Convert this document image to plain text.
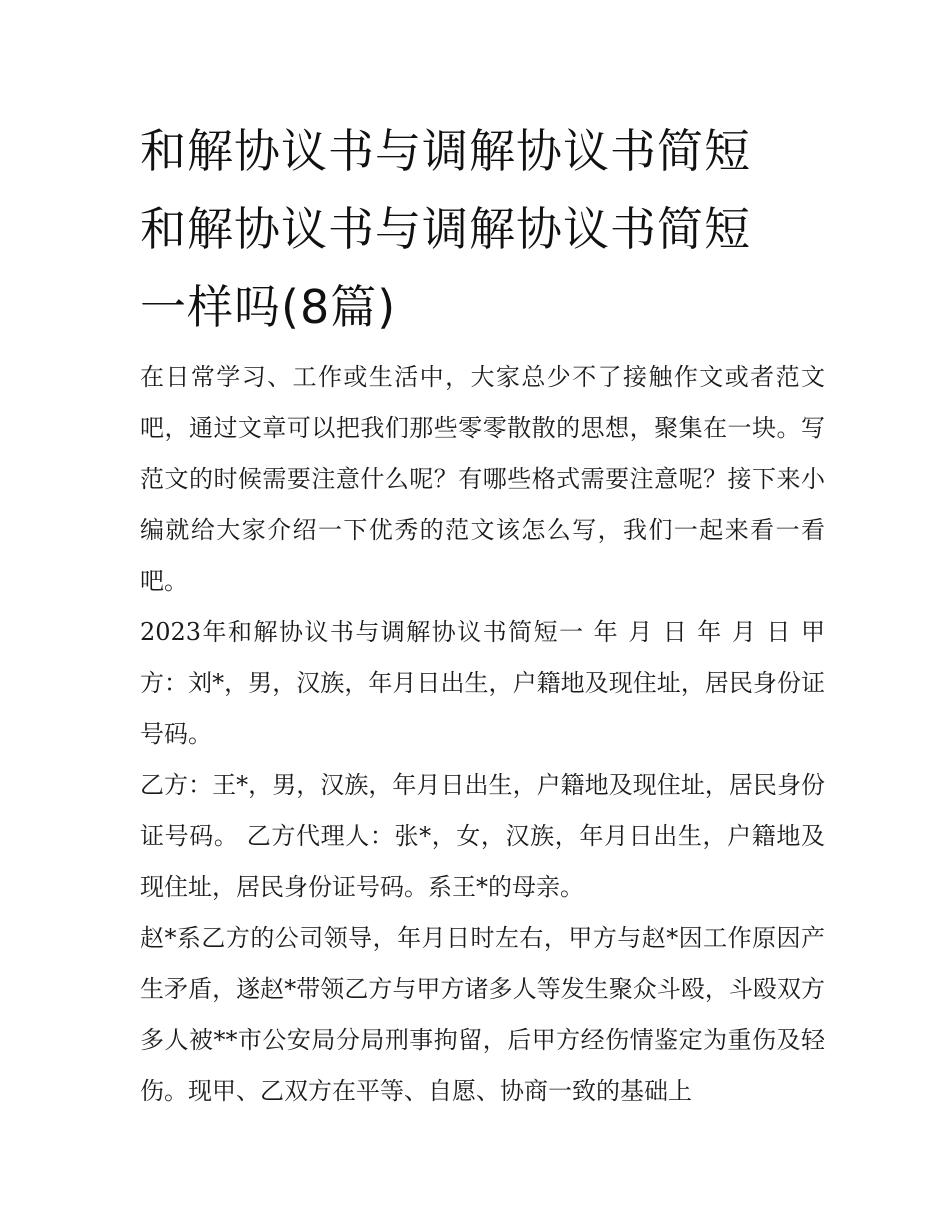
和解协议书与调解协议书简短
和解协议书与调解协议书简短
一样吗(8篇)

在日常学习、工作或生活中，大家总少不了接触作文或者范文吧，通过文章可以把我们那些零零散散的思想，聚集在一块。写范文的时候需要注意什么呢？有哪些格式需要注意呢？接下来小编就给大家介绍一下优秀的范文该怎么写，我们一起来看一看吧。

2023年和解协议书与调解协议书简短一 年 月 日 年 月 日 甲方：刘*，男，汉族，年月日出生，户籍地及现住址，居民身份证号码。

乙方：王*，男，汉族，年月日出生，户籍地及现住址，居民身份证号码。 乙方代理人：张*，女，汉族，年月日出生，户籍地及现住址，居民身份证号码。系王*的母亲。

赵*系乙方的公司领导，年月日时左右，甲方与赵*因工作原因产生矛盾，遂赵*带领乙方与甲方诸多人等发生聚众斗殴，斗殴双方多人被**市公安局分局刑事拘留，后甲方经伤情鉴定为重伤及轻伤。现甲、乙双方在平等、自愿、协商一致的基础上
